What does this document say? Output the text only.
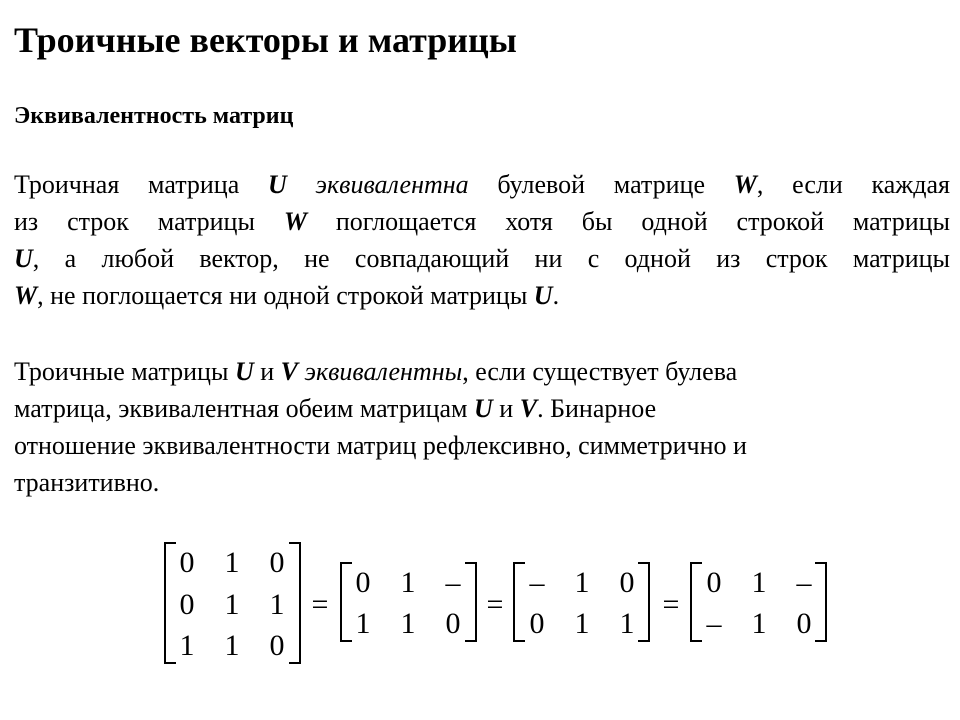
Троичные векторы и матрицы
Эквивалентность матриц
Троичная матрица U эквивалентна булевой матрице W, если каждая
из строк матрицы W поглощается хотя бы одной строкой матрицы
U, а любой вектор, не совпадающий ни с одной из строк матрицы
W, не поглощается ни одной строкой матрицы U.
Троичные матрицы U и V эквивалентны, если существует булева
матрица, эквивалентная обеим матрицам U и V. Бинарное
отношение эквивалентности матриц рефлексивно, симметрично и
транзитивно.
0 1 0
0 1 1
1 1 0
=
0 1 –
1 1 0
=
– 1 0
0 1 1
=
0 1 –
– 1 0
